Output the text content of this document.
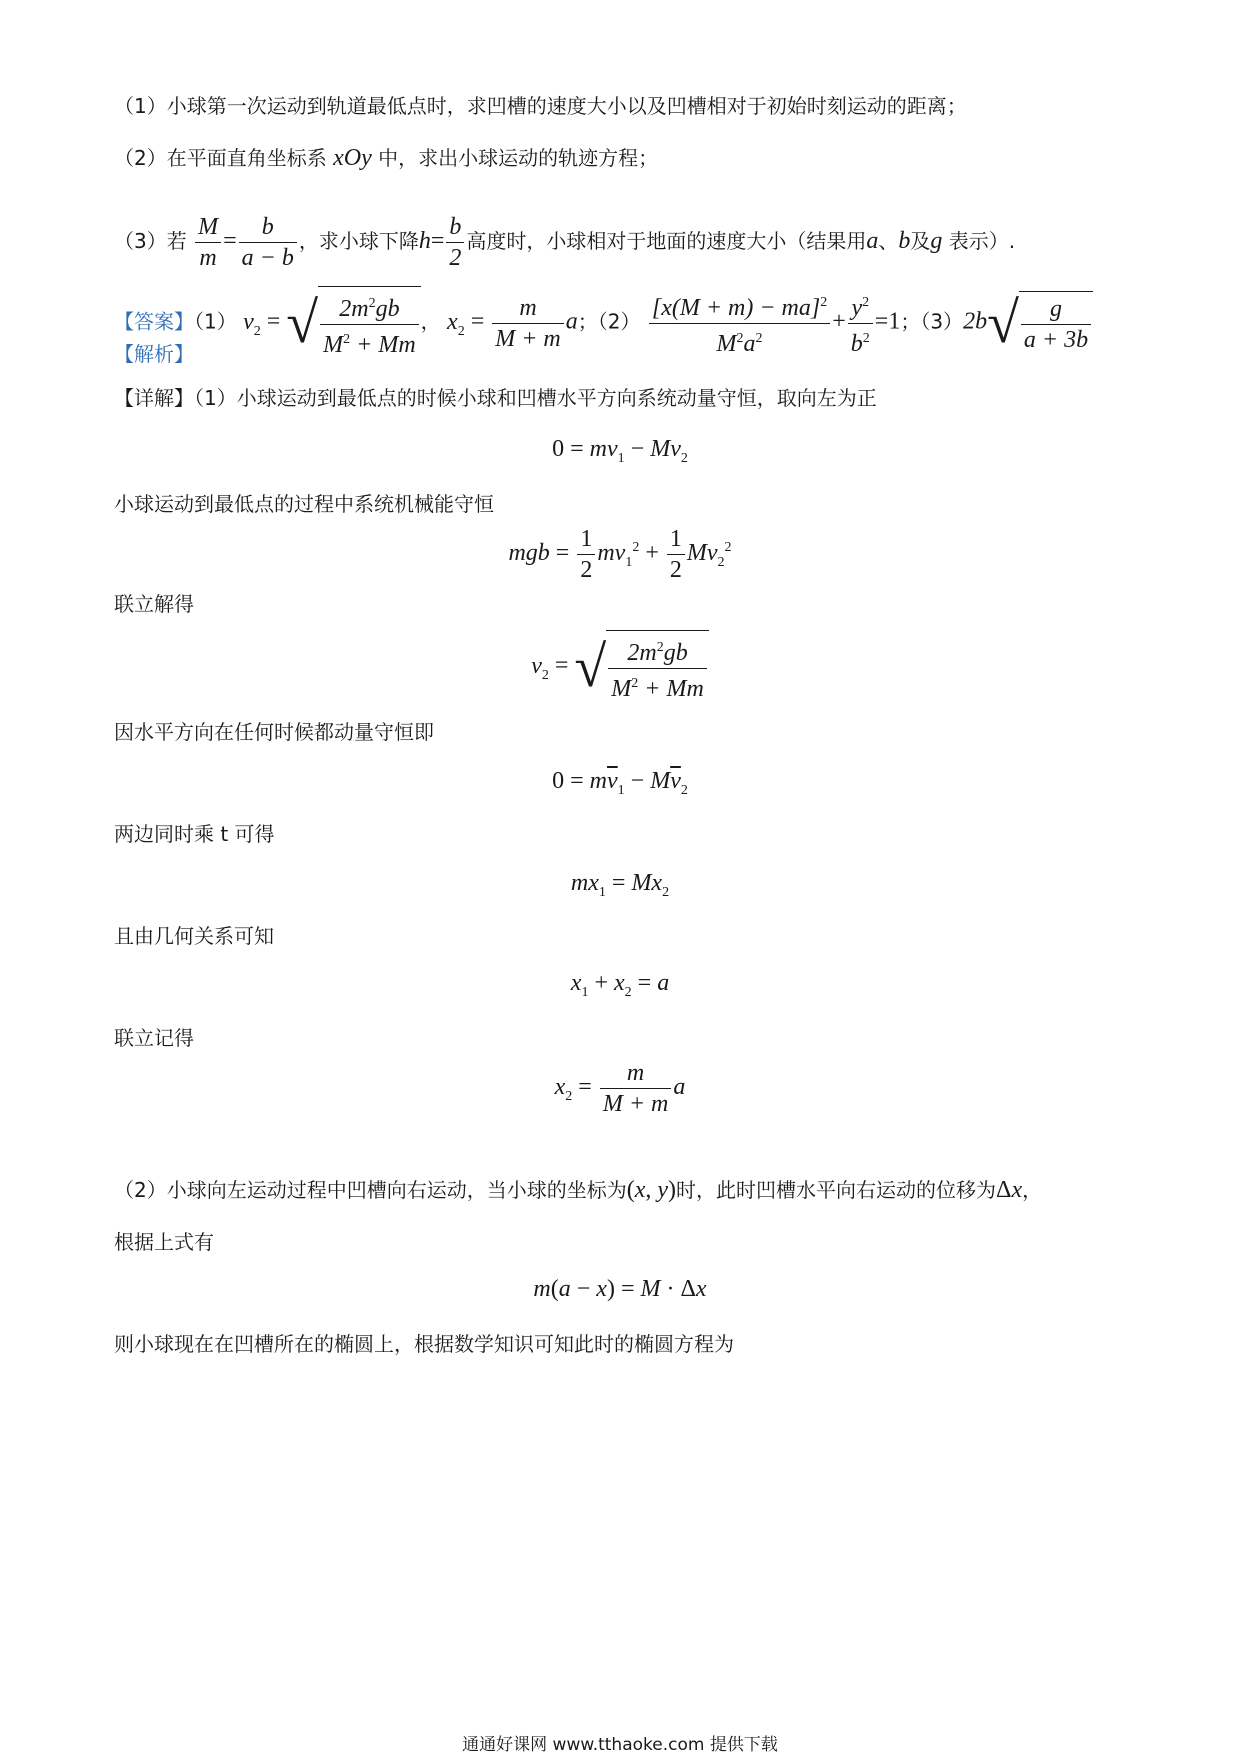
（1）小球第一次运动到轨道最低点时，求凹槽的速度大小以及凹槽相对于初始时刻运动的距离；
（2）在平面直角坐标系 xOy 中，求出小球运动的轨迹方程；
（3）若 $\frac{M}{m} = \frac{b}{a - b}$ ，求小球下降$h= \frac{b}{2}$ 高度时，小球相对于地面的速度大小（结果用a、b及g 表示）.
【答案】（1） $v_2$ = √ $\frac{2m^2gb}{M^2 + Mm}$ ， $x_2 = \frac{m}{M + m}$ a；$(2) \frac{[x(M + m) - ma]^2}{M^2a^2} + \frac{y^2}{b^2} =1$；$(3)2b√ \frac{g}{a + 3b}$
【解析】
【详解】（1）小球运动到最低点的时候小球和凹槽水平方向系统动量守恒，取向左为正
$0 = mv_1 - Mv_2$
小球运动到最低点的过程中系统机械能守恒
mgb = $\frac{1}{2} mv_1^2 + \frac{1}{2} Mv_2^2$
联立解得
$v_2$ = √ $\frac{2m^2gb}{M^2 + Mm}$
因水平方向在任何时候都动量守恒即
$0 = m\overline{v}_1 - M\overline{v}_2$
两边同时乘 t 可得
$mx_1 = Mx_2$
且由几何关系可知
$x_1 + x_2 = a$
联立记得
$x_2 = \frac{m}{M + m}$ a
（2）小球向左运动过程中凹槽向右运动，当小球的坐标为(x, y)时，此时凹槽水平向右运动的位移为Δx，
根据上式有
m(a − x) = M · Δx
则小球现在在凹槽所在的椭圆上，根据数学知识可知此时的椭圆方程为
通通好课网 www.tthaoke.com 提供下载
